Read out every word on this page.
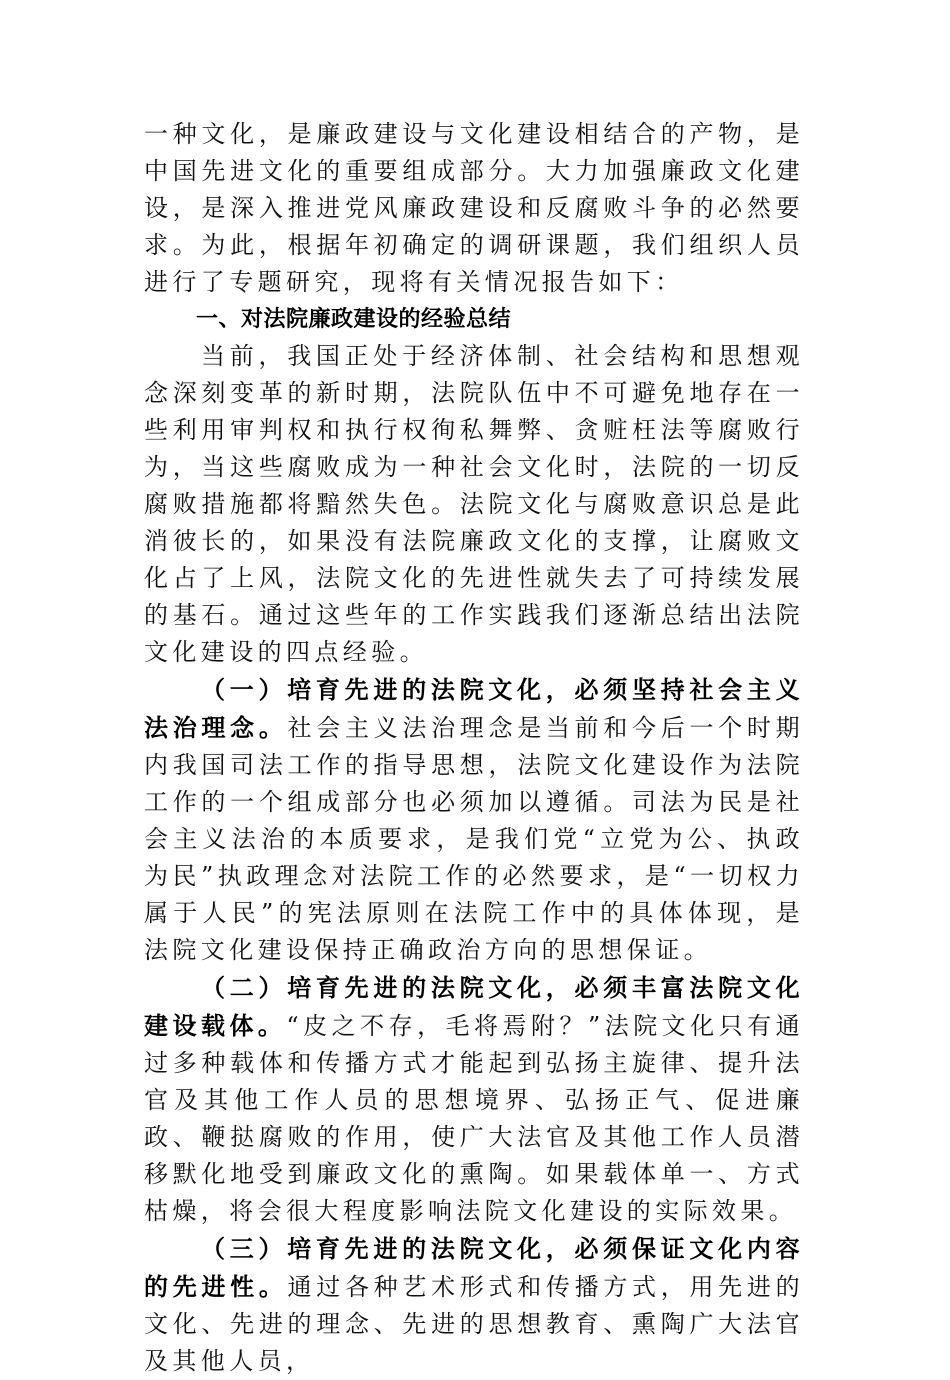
一种文化，是廉政建设与文化建设相结合的产物，是中国先进文化的重要组成部分。大力加强廉政文化建设，是深入推进党风廉政建设和反腐败斗争的必然要求。为此，根据年初确定的调研课题，我们组织人员进行了专题研究，现将有关情况报告如下：

一、对法院廉政建设的经验总结

当前，我国正处于经济体制、社会结构和思想观念深刻变革的新时期，法院队伍中不可避免地存在一些利用审判权和执行权徇私舞弊、贪赃枉法等腐败行为，当这些腐败成为一种社会文化时，法院的一切反腐败措施都将黯然失色。法院文化与腐败意识总是此消彼长的，如果没有法院廉政文化的支撑，让腐败文化占了上风，法院文化的先进性就失去了可持续发展的基石。通过这些年的工作实践我们逐渐总结出法院文化建设的四点经验。

（一）培育先进的法院文化，必须坚持社会主义法治理念。社会主义法治理念是当前和今后一个时期内我国司法工作的指导思想，法院文化建设作为法院工作的一个组成部分也必须加以遵循。司法为民是社会主义法治的本质要求，是我们党“立党为公、执政为民”执政理念对法院工作的必然要求，是“一切权力属于人民”的宪法原则在法院工作中的具体体现，是法院文化建设保持正确政治方向的思想保证。

（二）培育先进的法院文化，必须丰富法院文化建设载体。“皮之不存，毛将焉附？”法院文化只有通过多种载体和传播方式才能起到弘扬主旋律、提升法官及其他工作人员的思想境界、弘扬正气、促进廉政、鞭挞腐败的作用，使广大法官及其他工作人员潜移默化地受到廉政文化的熏陶。如果载体单一、方式枯燥，将会很大程度影响法院文化建设的实际效果。

（三）培育先进的法院文化，必须保证文化内容的先进性。通过各种艺术形式和传播方式，用先进的文化、先进的理念、先进的思想教育、熏陶广大法官及其他人员，
